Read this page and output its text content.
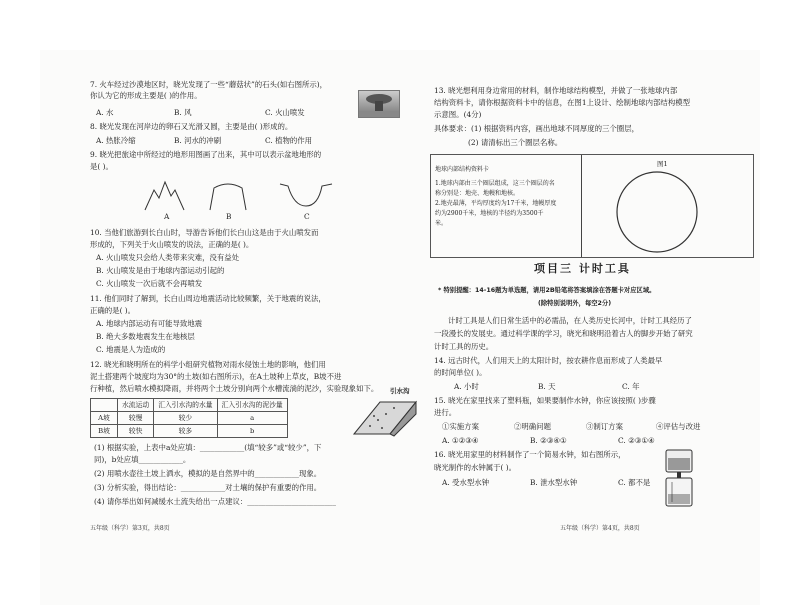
7. 火车经过沙漠地区时，晓光发现了一些“蘑菇状”的石头(如右图所示)，
你认为它的形成主要是( )的作用。
A. 水	B. 风	C. 火山喷发
8. 晓光发现在河岸边的卵石又光滑又圆，主要是由( )形成的。
A. 热胀冷缩	B. 河水的冲刷	C. 植物的作用
9. 晓光把旅途中所经过的地形用图画了出来，其中可以表示盆地地形的
是( )。
A	B	C
10. 当他们旅游到长白山时，导游告诉他们长白山这是由于火山喷发而
形成的，下列关于火山喷发的说法，正确的是( )。
A. 火山喷发只会给人类带来灾难，没有益处
B. 火山喷发是由于地球内部运动引起的
C. 火山喷发一次后就不会再喷发
11. 他们同时了解到，长白山周边地震活动比较频繁，关于地震的说法，
正确的是( )。
A. 地球内部运动有可能导致地震
B. 绝大多数地震发生在地核层
C. 地震是人为造成的
12. 晓光和晓明所在的科学小组研究植物对雨水侵蚀土地的影响，他们用
泥土搭建两个坡度均为30°的土坡(如右图所示)，在A土坡种上草皮，B坡不进
行种植，然后喷水模拟降雨，并将两个土坡分别向两个水槽流淌的泥沙，实验现象如下。
	水流运动	汇入引水沟的水量	汇入引水沟的泥沙量
A坡	较慢	较少	a
B坡	较快	较多	b
引水沟
(1) 根据实验，上表中a处应填：____________(填“较多”或“较少”，下
同)，b处应填____________。
(2) 用喷水壶往土坡上洒水，模拟的是自然界中的____________现象。
(3) 分析实验，得出结论：____________对土壤的保护有重要的作用。
(4) 请你举出如何减缓水土流失给出一点建议：________________________
五年级（科学）第3页，共8页
13. 晓光想利用身边常用的材料，制作地球结构模型，并做了一张地球内部
结构资料卡，请你根据资料卡中的信息，在图1上设计、绘制地球内部结构模型
示意图。(4分)
具体要求：(1) 根据资料内容，画出地球不同厚度的三个圈层，
(2) 请清标出三个圈层名称。
地球内部结构资料卡
1.地球内部由三个圈层组成，这三个圈层的名
称分别是：地壳、地幔和地核。
2.地壳最薄，平均厚度约为17千米，地幔厚度
约为2900千米，地核的半径约为3500千
米。
图1
项目三 计时工具
* 特别提醒：14-16题为单选题，请用2B铅笔将答案填涂在答题卡对应区域。
(除特别说明外，每空2分)
计时工具是人们日常生活中的必需品，在人类历史长河中，计时工具经历了
一段漫长的发展史。通过科学课的学习，晓光和晓明沿着古人的脚步开始了研究
计时工具的历史。
14. 远古时代，人们用天上的太阳计时，按农耕作息而形成了人类最早
的时间单位( )。
A. 小时	B. 天	C. 年
15. 晓光在家里找来了塑料瓶，如果要制作水钟，你应该按照( )步骤
进行。
①实施方案	②明确问题	③制订方案	④评估与改进
A. ①②③④	B. ②③④①	C. ②③①④
16. 晓光用家里的材料制作了一个简易水钟，如右图所示，
晓光制作的水钟属于( )。
A. 受水型水钟	B. 泄水型水钟	C. 都不是
五年级（科学）第4页，共8页
